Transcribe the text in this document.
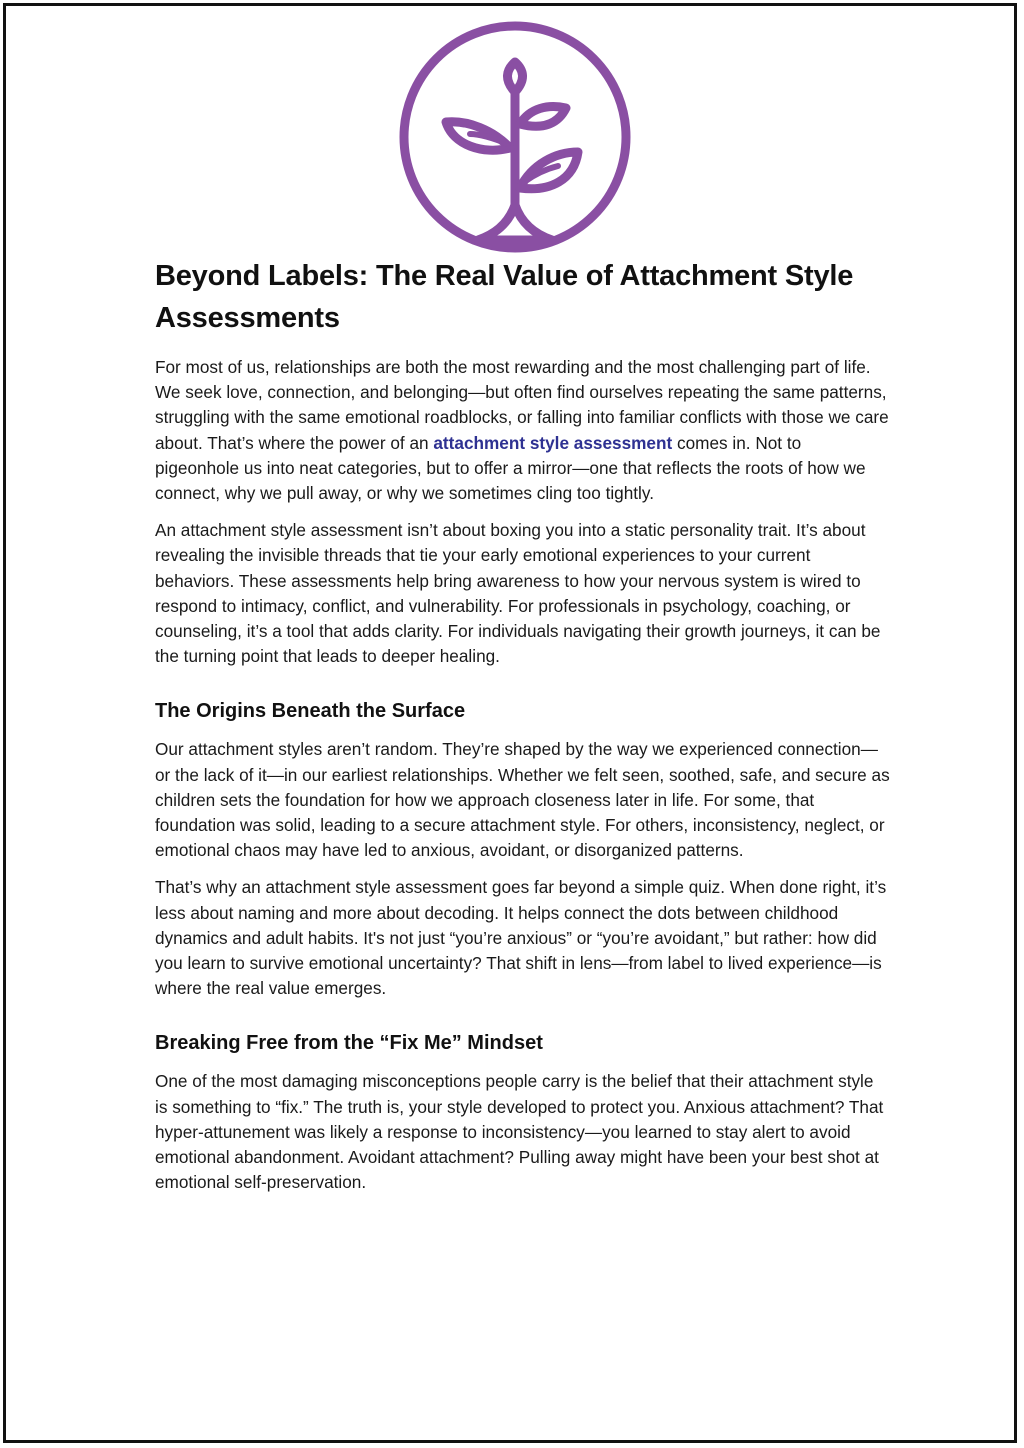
Beyond Labels: The Real Value of Attachment Style Assessments

For most of us, relationships are both the most rewarding and the most challenging part of life. We seek love, connection, and belonging—but often find ourselves repeating the same patterns, struggling with the same emotional roadblocks, or falling into familiar conflicts with those we care about. That’s where the power of an attachment style assessment comes in. Not to pigeonhole us into neat categories, but to offer a mirror—one that reflects the roots of how we connect, why we pull away, or why we sometimes cling too tightly.

An attachment style assessment isn’t about boxing you into a static personality trait. It’s about revealing the invisible threads that tie your early emotional experiences to your current behaviors. These assessments help bring awareness to how your nervous system is wired to respond to intimacy, conflict, and vulnerability. For professionals in psychology, coaching, or counseling, it’s a tool that adds clarity. For individuals navigating their growth journeys, it can be the turning point that leads to deeper healing.

The Origins Beneath the Surface

Our attachment styles aren’t random. They’re shaped by the way we experienced connection—or the lack of it—in our earliest relationships. Whether we felt seen, soothed, safe, and secure as children sets the foundation for how we approach closeness later in life. For some, that foundation was solid, leading to a secure attachment style. For others, inconsistency, neglect, or emotional chaos may have led to anxious, avoidant, or disorganized patterns.

That’s why an attachment style assessment goes far beyond a simple quiz. When done right, it’s less about naming and more about decoding. It helps connect the dots between childhood dynamics and adult habits. It's not just “you’re anxious” or “you’re avoidant,” but rather: how did you learn to survive emotional uncertainty? That shift in lens—from label to lived experience—is where the real value emerges.

Breaking Free from the “Fix Me” Mindset

One of the most damaging misconceptions people carry is the belief that their attachment style is something to “fix.” The truth is, your style developed to protect you. Anxious attachment? That hyper-attunement was likely a response to inconsistency—you learned to stay alert to avoid emotional abandonment. Avoidant attachment? Pulling away might have been your best shot at emotional self-preservation.
